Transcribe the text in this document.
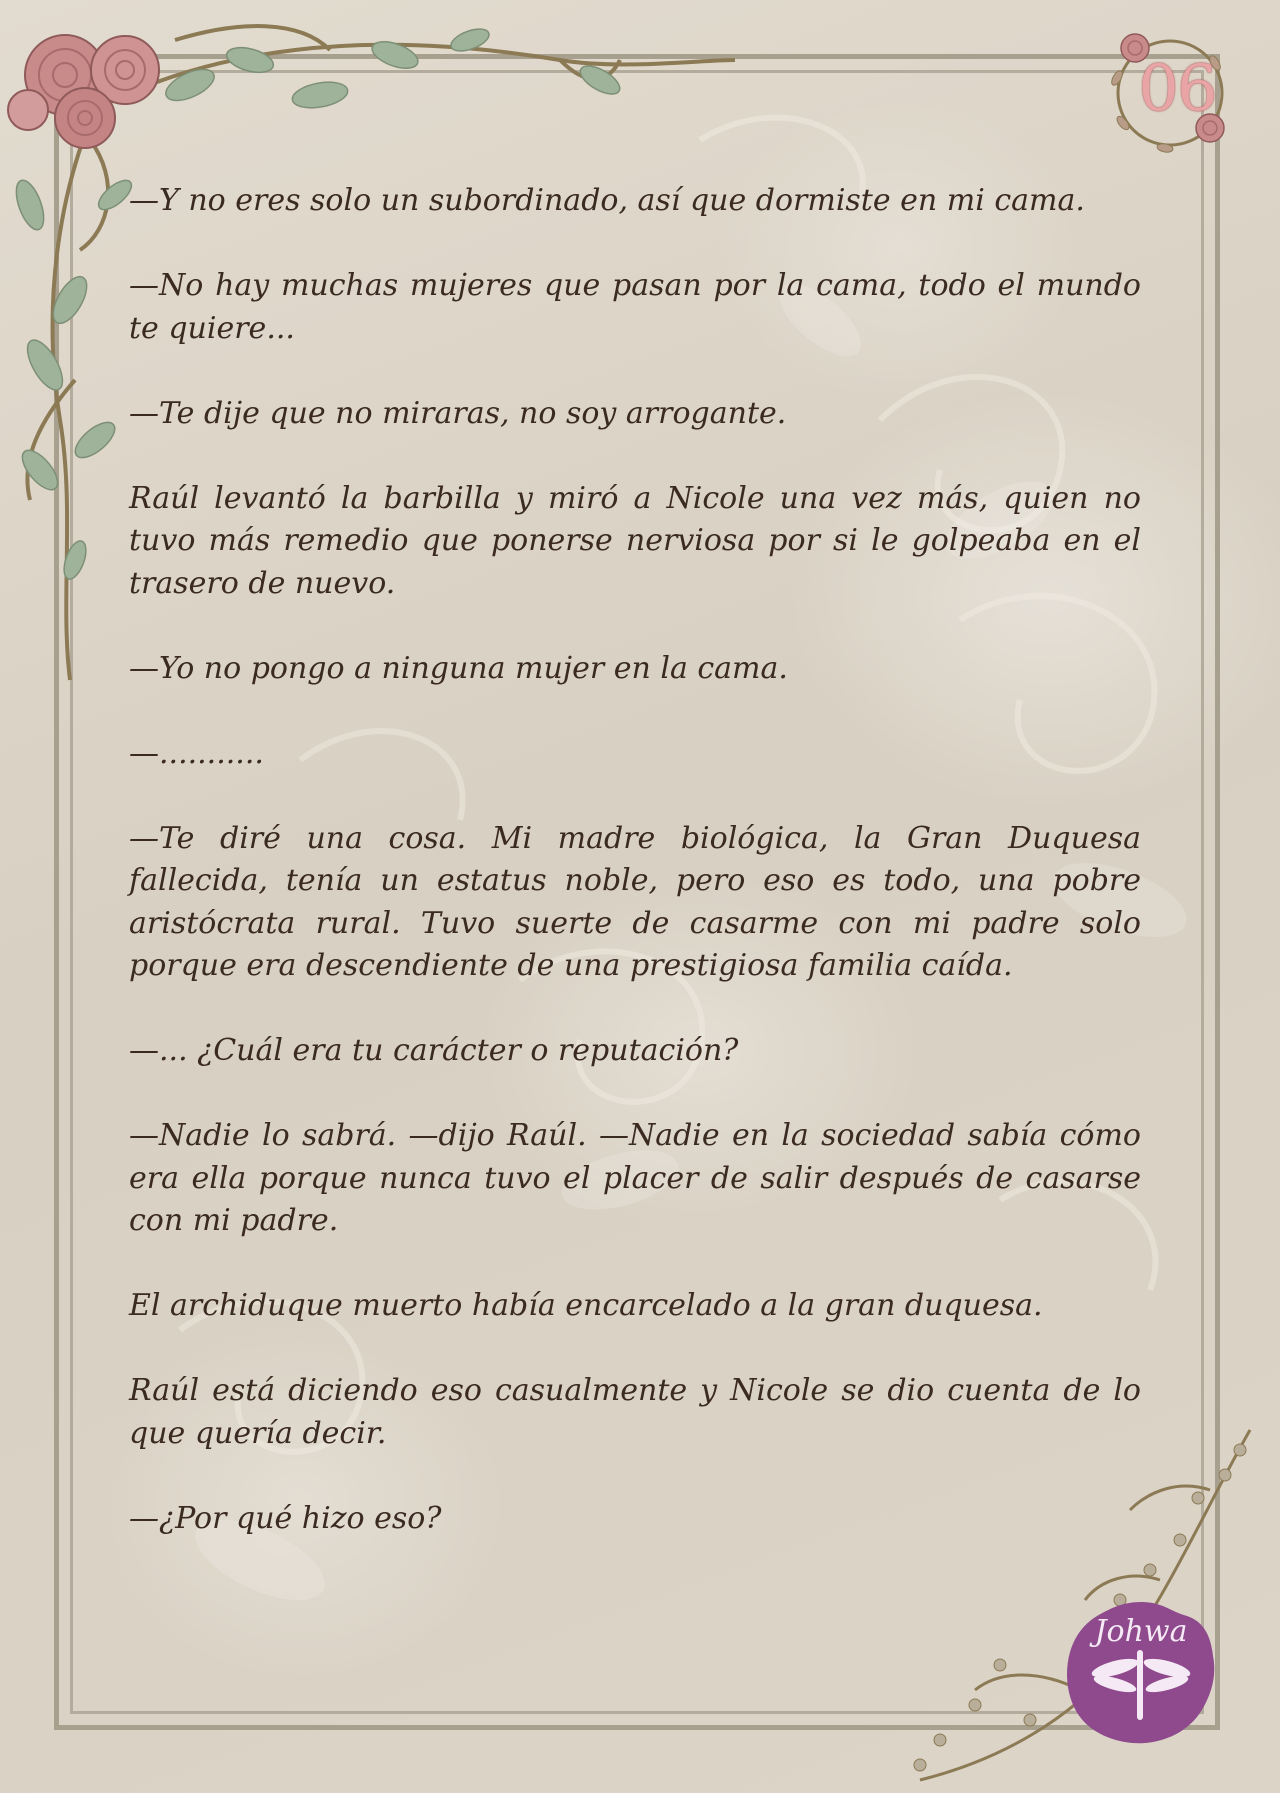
06
Johwa

—Y no eres solo un subordinado, así que dormiste en mi cama.

—No hay muchas mujeres que pasan por la cama, todo el mundo te quiere...

—Te dije que no miraras, no soy arrogante.

Raúl levantó la barbilla y miró a Nicole una vez más, quien no tuvo más remedio que ponerse nerviosa por si le golpeaba en el trasero de nuevo.

—Yo no pongo a ninguna mujer en la cama.

—...........

—Te diré una cosa. Mi madre biológica, la Gran Duquesa fallecida, tenía un estatus noble, pero eso es todo, una pobre aristócrata rural. Tuvo suerte de casarme con mi padre solo porque era descendiente de una prestigiosa familia caída.

—... ¿Cuál era tu carácter o reputación?

—Nadie lo sabrá. —dijo Raúl. —Nadie en la sociedad sabía cómo era ella porque nunca tuvo el placer de salir después de casarse con mi padre.

El archiduque muerto había encarcelado a la gran duquesa.

Raúl está diciendo eso casualmente y Nicole se dio cuenta de lo que quería decir.

—¿Por qué hizo eso?
